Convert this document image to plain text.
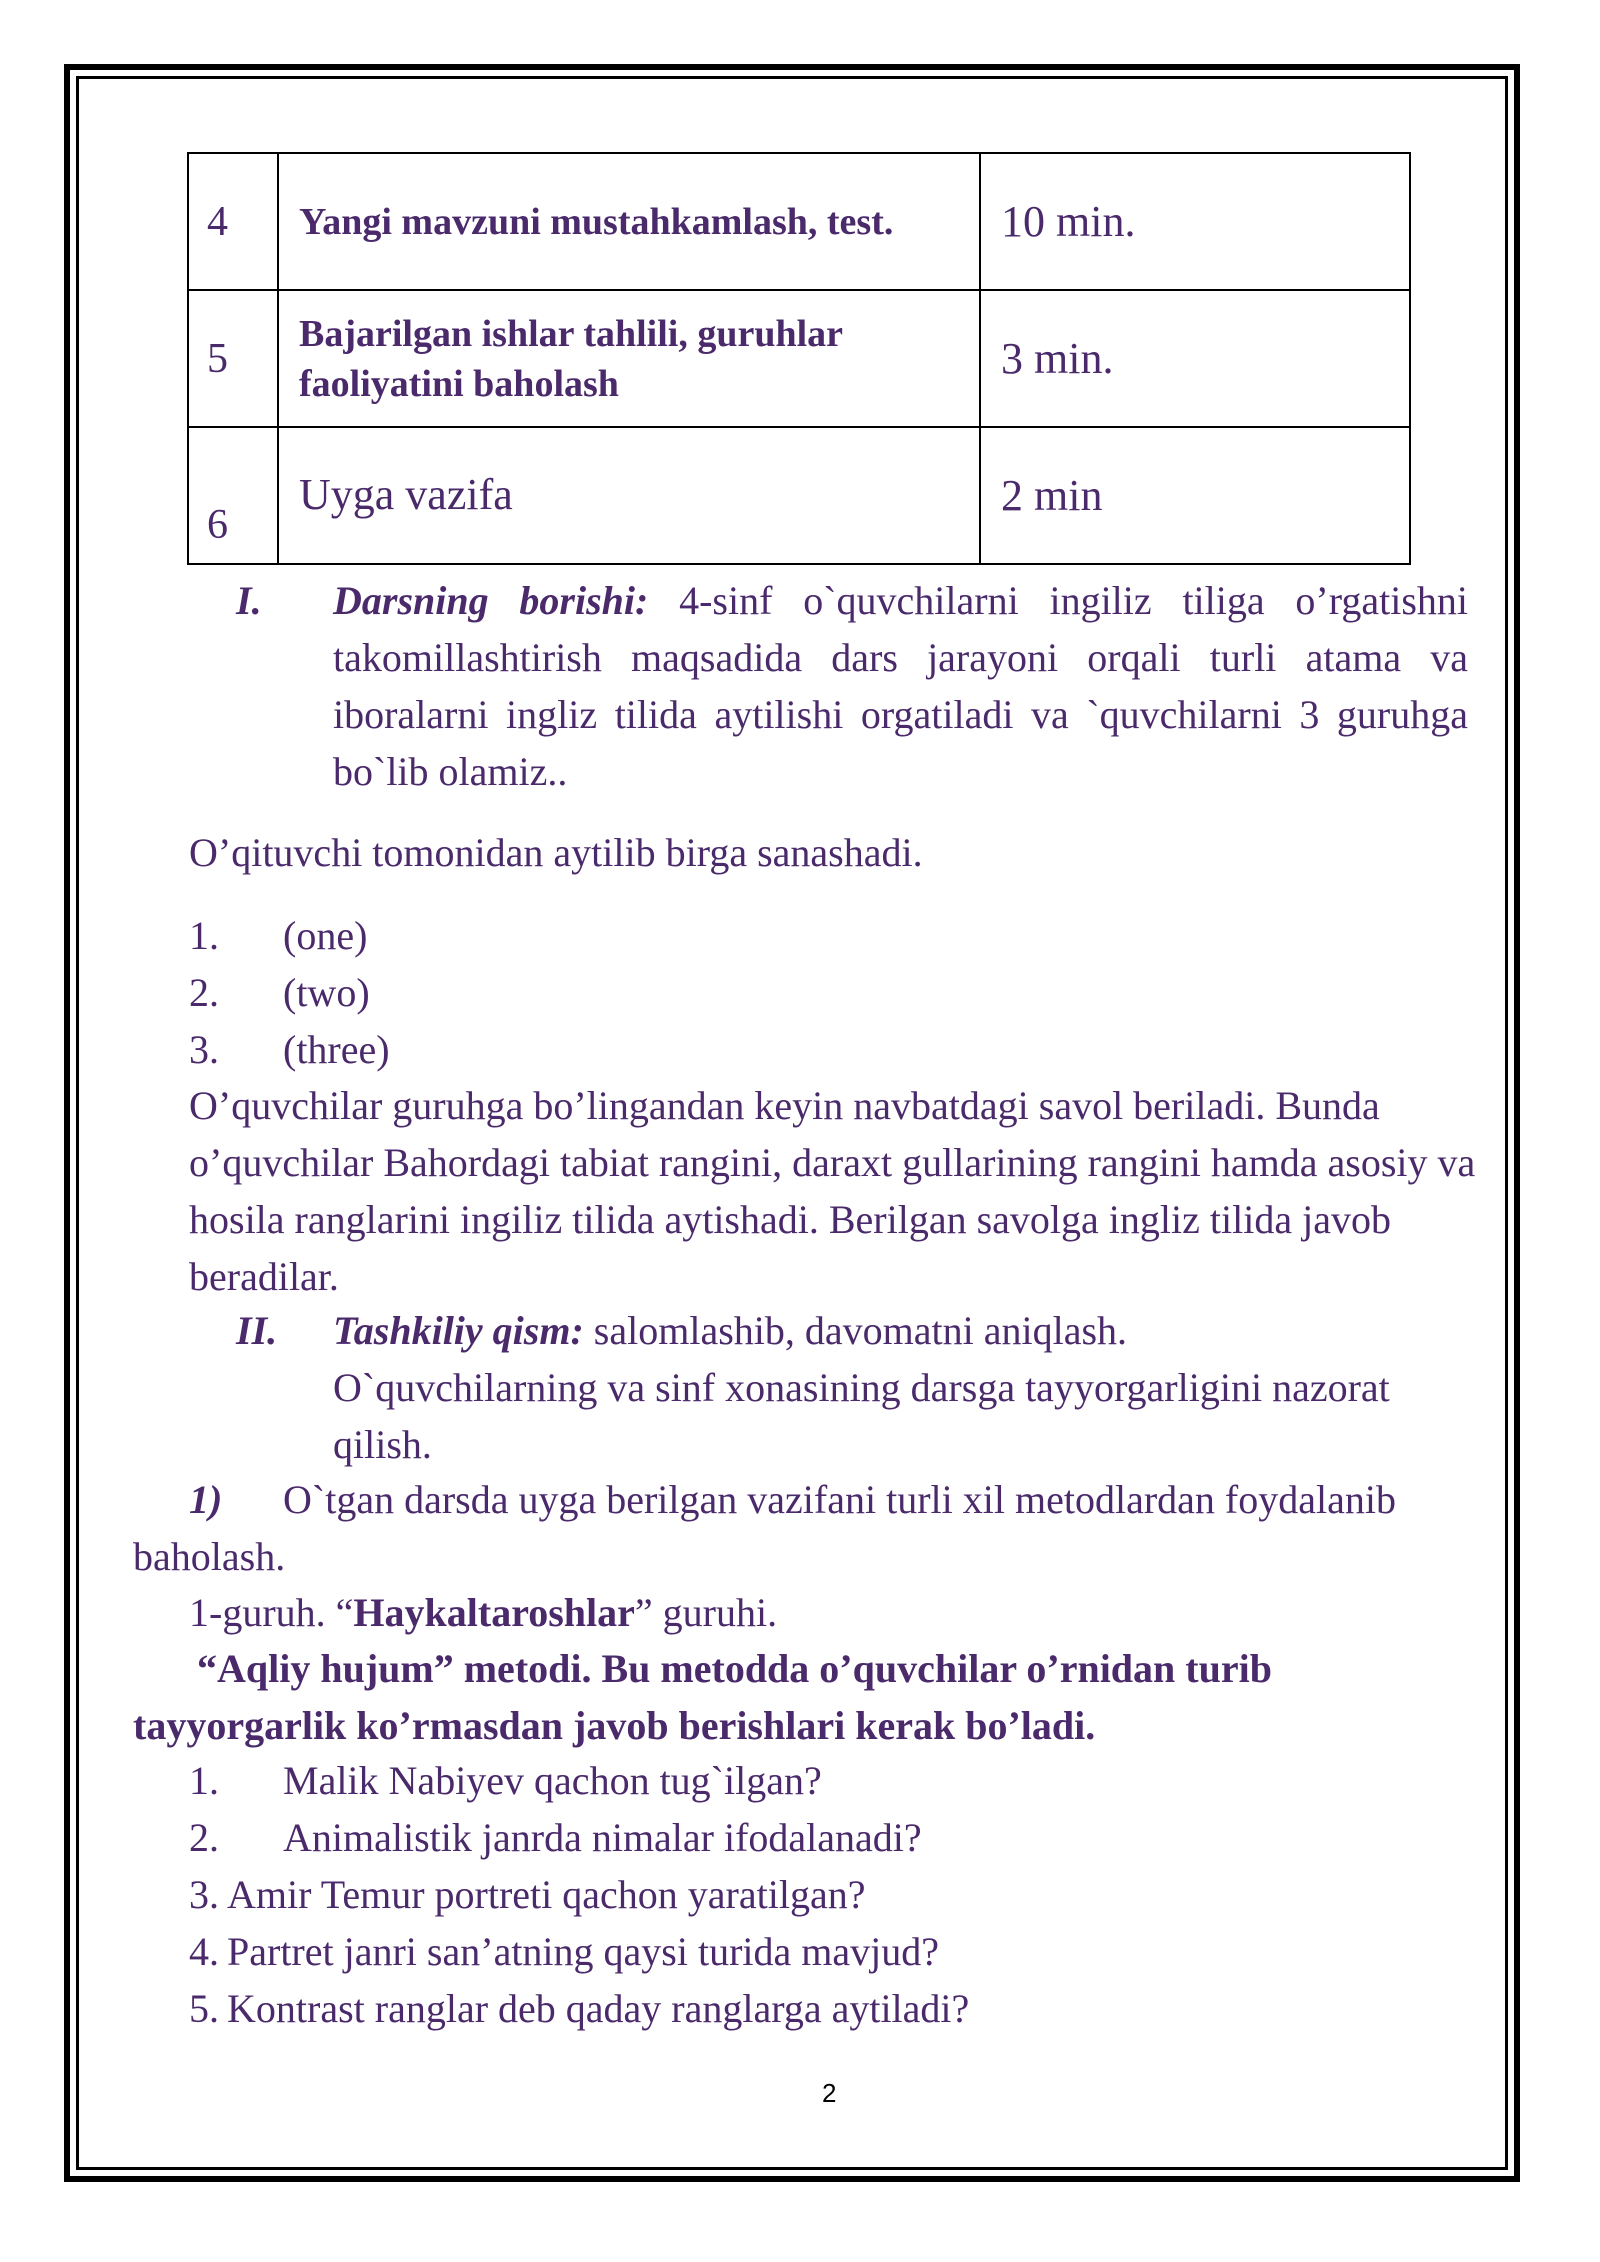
4	Yangi mavzuni mustahkamlash, test.	10 min.
5	Bajarilgan ishlar tahlili, guruhlar faoliyatini baholash	3 min.
6	Uyga vazifa	2 min
I. Darsning borishi: 4-sinf o`quvchilarni ingiliz tiliga o’rgatishni takomillashtirish maqsadida dars jarayoni orqali turli atama va iboralarni ingliz tilida aytilishi orgatiladi va `quvchilarni 3 guruhga bo`lib olamiz..
O’qituvchi tomonidan aytilib birga sanashadi.
1. (one)
2. (two)
3. (three)
O’quvchilar guruhga bo’lingandan keyin navbatdagi savol beriladi. Bunda o’quvchilar Bahordagi tabiat rangini, daraxt gullarining rangini hamda asosiy va hosila ranglarini ingiliz tilida aytishadi. Berilgan savolga ingliz tilida javob beradilar.
II. Tashkiliy qism: salomlashib, davomatni aniqlash.
O`quvchilarning va sinf xonasining darsga tayyorgarligini nazorat qilish.
1) O`tgan darsda uyga berilgan vazifani turli xil metodlardan foydalanib baholash.
1-guruh. “Haykaltaroshlar” guruhi.
“Aqliy hujum” metodi. Bu metodda o’quvchilar o’rnidan turib tayyorgarlik ko’rmasdan javob berishlari kerak bo’ladi.
1. Malik Nabiyev qachon tug`ilgan?
2. Animalistik janrda nimalar ifodalanadi?
3. Amir Temur portreti qachon yaratilgan?
4. Partret janri san’atning qaysi turida mavjud?
5. Kontrast ranglar deb qaday ranglarga aytiladi?
2
